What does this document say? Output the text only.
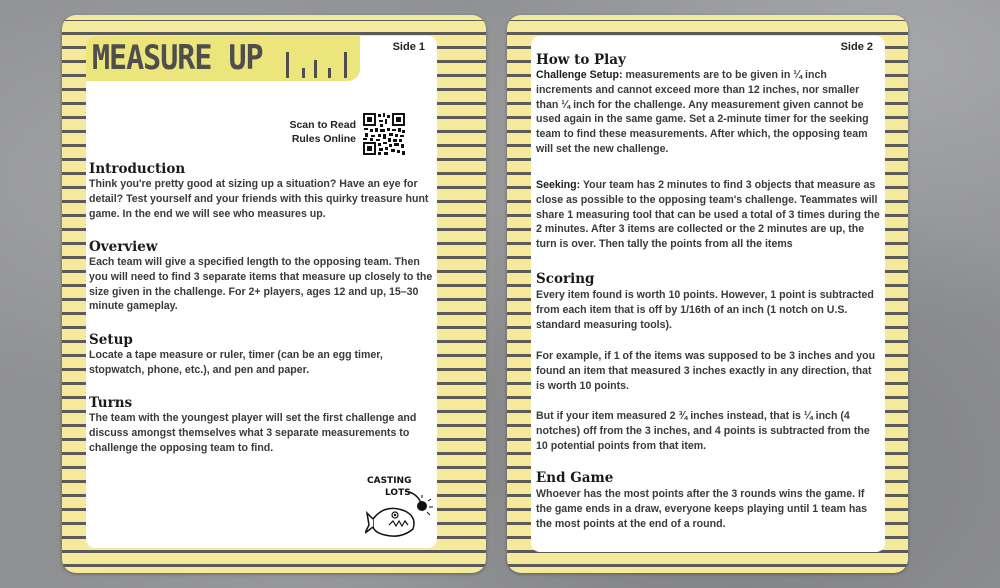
MEASURE UP	Side 1
Scan to Read
Rules Online
Introduction
Think you're pretty good at sizing up a situation? Have an eye for detail? Test yourself and your friends with this quirky treasure hunt game. In the end we will see who measures up.
Overview
Each team will give a specified length to the opposing team. Then you will need to find 3 separate items that measure up closely to the size given in the challenge. For 2+ players, ages 12 and up, 15–30 minute gameplay.
Setup
Locate a tape measure or ruler, timer (can be an egg timer, stopwatch, phone, etc.), and pen and paper.
Turns
The team with the youngest player will set the first challenge and discuss amongst themselves what 3 separate measurements to challenge the opposing team to find.
CASTING
LOTS
Side 2
How to Play
Challenge Setup: measurements are to be given in ¼ inch increments and cannot exceed more than 12 inches, nor smaller than ¼ inch for the challenge. Any measurement given cannot be used again in the same game. Set a 2-minute timer for the seeking team to find these measurements. After which, the opposing team will set the new challenge.
Seeking: Your team has 2 minutes to find 3 objects that measure as close as possible to the opposing team's challenge. Teammates will share 1 measuring tool that can be used a total of 3 times during the 2 minutes. After 3 items are collected or the 2 minutes are up, the turn is over. Then tally the points from all the items
Scoring
Every item found is worth 10 points. However, 1 point is subtracted from each item that is off by 1/16th of an inch (1 notch on U.S. standard measuring tools).
For example, if 1 of the items was supposed to be 3 inches and you found an item that measured 3 inches exactly in any direction, that is worth 10 points.
But if your item measured 2 ¾ inches instead, that is ¼ inch (4 notches) off from the 3 inches, and 4 points is subtracted from the 10 potential points from that item.
End Game
Whoever has the most points after the 3 rounds wins the game. If the game ends in a draw, everyone keeps playing until 1 team has the most points at the end of a round.
